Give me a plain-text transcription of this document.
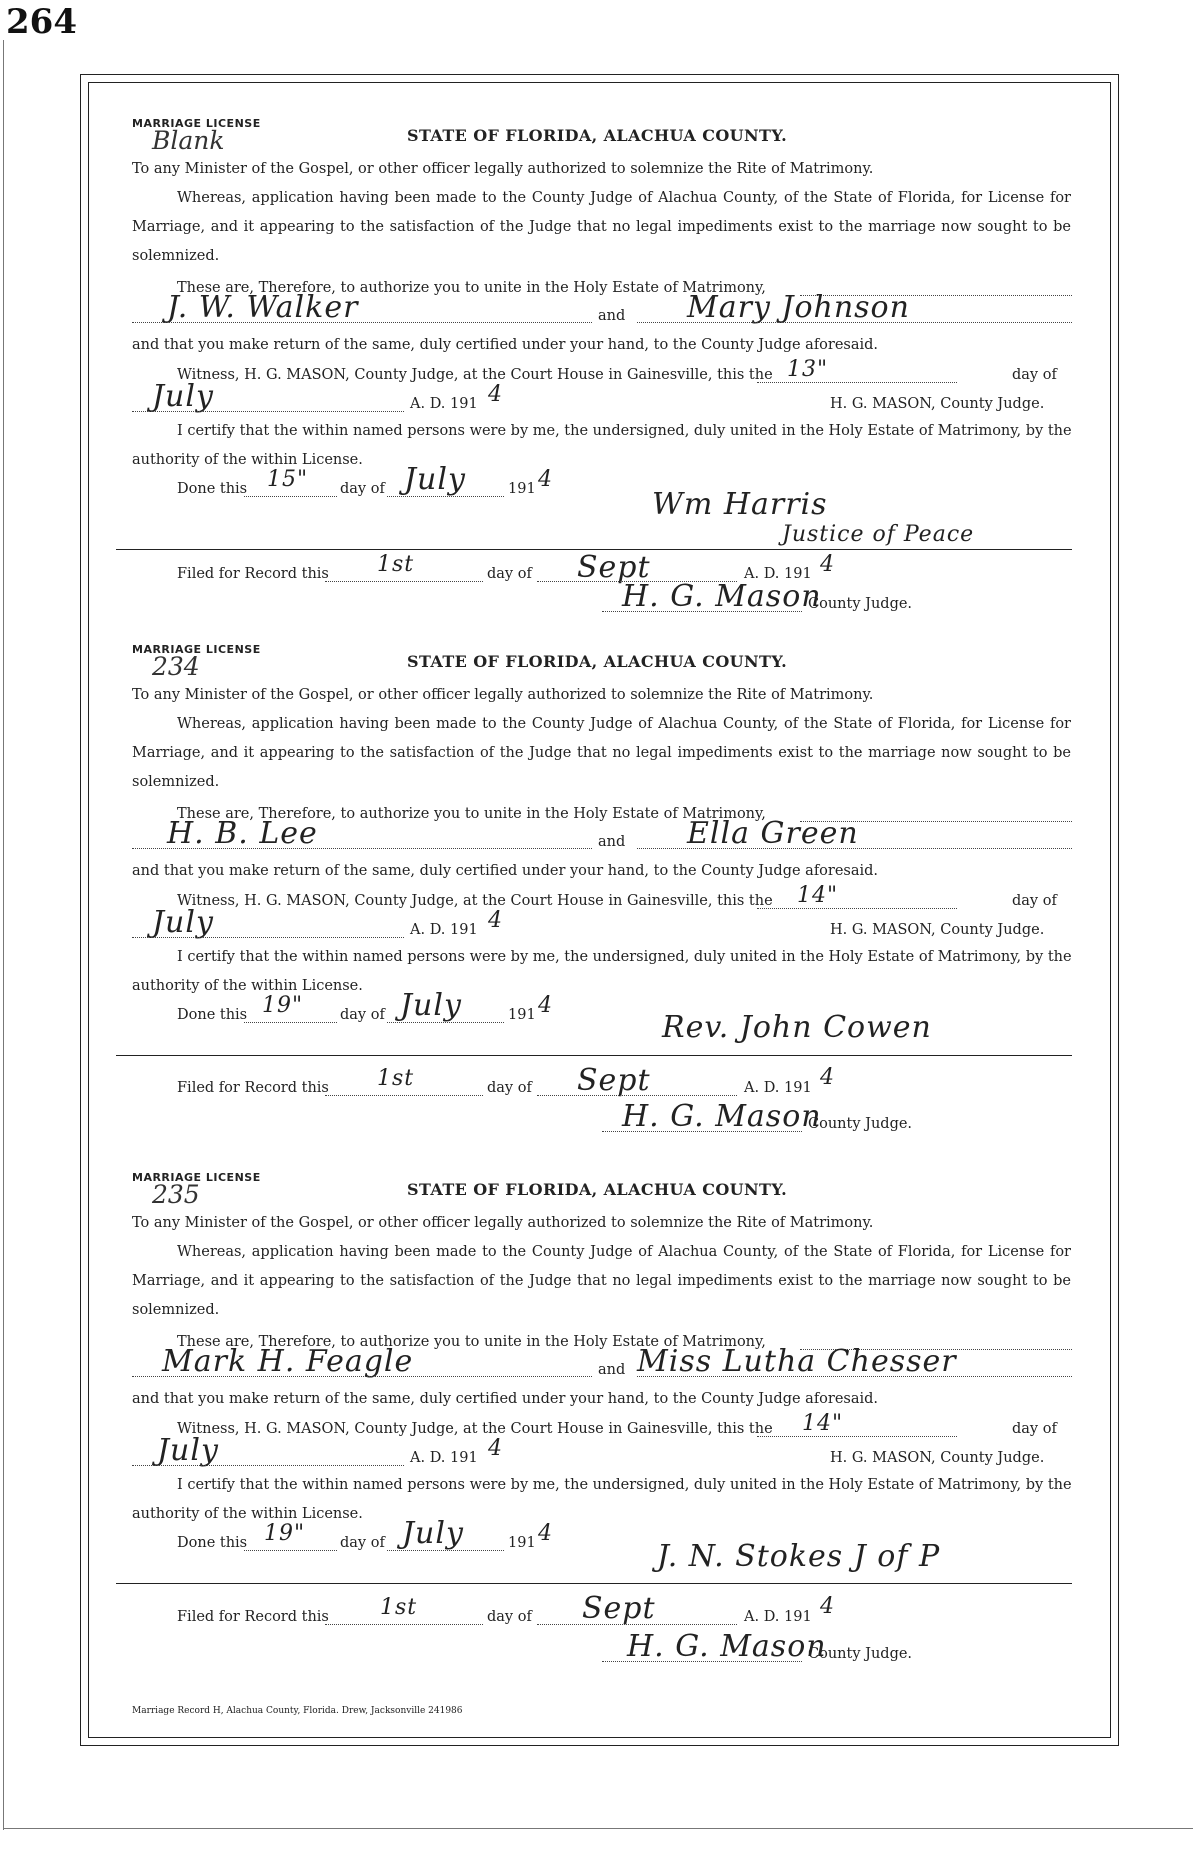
264
MARRIAGE LICENSE
Blank	STATE OF FLORIDA, ALACHUA COUNTY.
To any Minister of the Gospel, or other officer legally authorized to solemnize the Rite of Matrimony.
Whereas, application having been made to the County Judge of Alachua County, of the State of Florida, for License for
Marriage, and it appearing to the satisfaction of the Judge that no legal impediments exist to the marriage now sought to be
solemnized.
These are, Therefore, to authorize you to unite in the Holy Estate of Matrimony,
J. W. Walker	and Mary Johnson
and that you make return of the same, duly certified under your hand, to the County Judge aforesaid.
Witness, H. G. MASON, County Judge, at the Court House in Gainesville, this the 13"	day of
July	A. D. 191 4	H. G. MASON, County Judge.
I certify that the within named persons were by me, the undersigned, duly united in the Holy Estate of Matrimony, by the
authority of the within License.
Done this 15" day of July	191 4
Wm Harris
Justice of Peace
Filed for Record this 1st	day of Sept	A. D. 191 4
H. G. Mason
County Judge.
MARRIAGE LICENSE
234	STATE OF FLORIDA, ALACHUA COUNTY.
To any Minister of the Gospel, or other officer legally authorized to solemnize the Rite of Matrimony.
Whereas, application having been made to the County Judge of Alachua County, of the State of Florida, for License for
Marriage, and it appearing to the satisfaction of the Judge that no legal impediments exist to the marriage now sought to be
solemnized.
These are, Therefore, to authorize you to unite in the Holy Estate of Matrimony,
H. B. Lee	and Ella Green
and that you make return of the same, duly certified under your hand, to the County Judge aforesaid.
Witness, H. G. MASON, County Judge, at the Court House in Gainesville, this the 14"	day of
July	A. D. 191 4	H. G. MASON, County Judge.
I certify that the within named persons were by me, the undersigned, duly united in the Holy Estate of Matrimony, by the
authority of the within License.
Done this 19"	day of July	191 4
Rev. John Cowen
Filed for Record this 1st	day of Sept	A. D. 191 4
H. G. Mason
County Judge.
MARRIAGE LICENSE
235	STATE OF FLORIDA, ALACHUA COUNTY.
To any Minister of the Gospel, or other officer legally authorized to solemnize the Rite of Matrimony.
Whereas, application having been made to the County Judge of Alachua County, of the State of Florida, for License for
Marriage, and it appearing to the satisfaction of the Judge that no legal impediments exist to the marriage now sought to be
solemnized.
These are, Therefore, to authorize you to unite in the Holy Estate of Matrimony,
Mark H. Feagle	and Miss Lutha Chesser
and that you make return of the same, duly certified under your hand, to the County Judge aforesaid.
Witness, H. G. MASON, County Judge, at the Court House in Gainesville, this the 14"	day of
July	A. D. 191 4	H. G. MASON, County Judge.
I certify that the within named persons were by me, the undersigned, duly united in the Holy Estate of Matrimony, by the
authority of the within License.
Done this 19" day of July	191 4
J. N. Stokes J of P
Filed for Record this 1st	day of Sept	A. D. 191 4
H. G. Mason
County Judge.
Marriage Record H, Alachua County, Florida. Drew, Jacksonville 241986
